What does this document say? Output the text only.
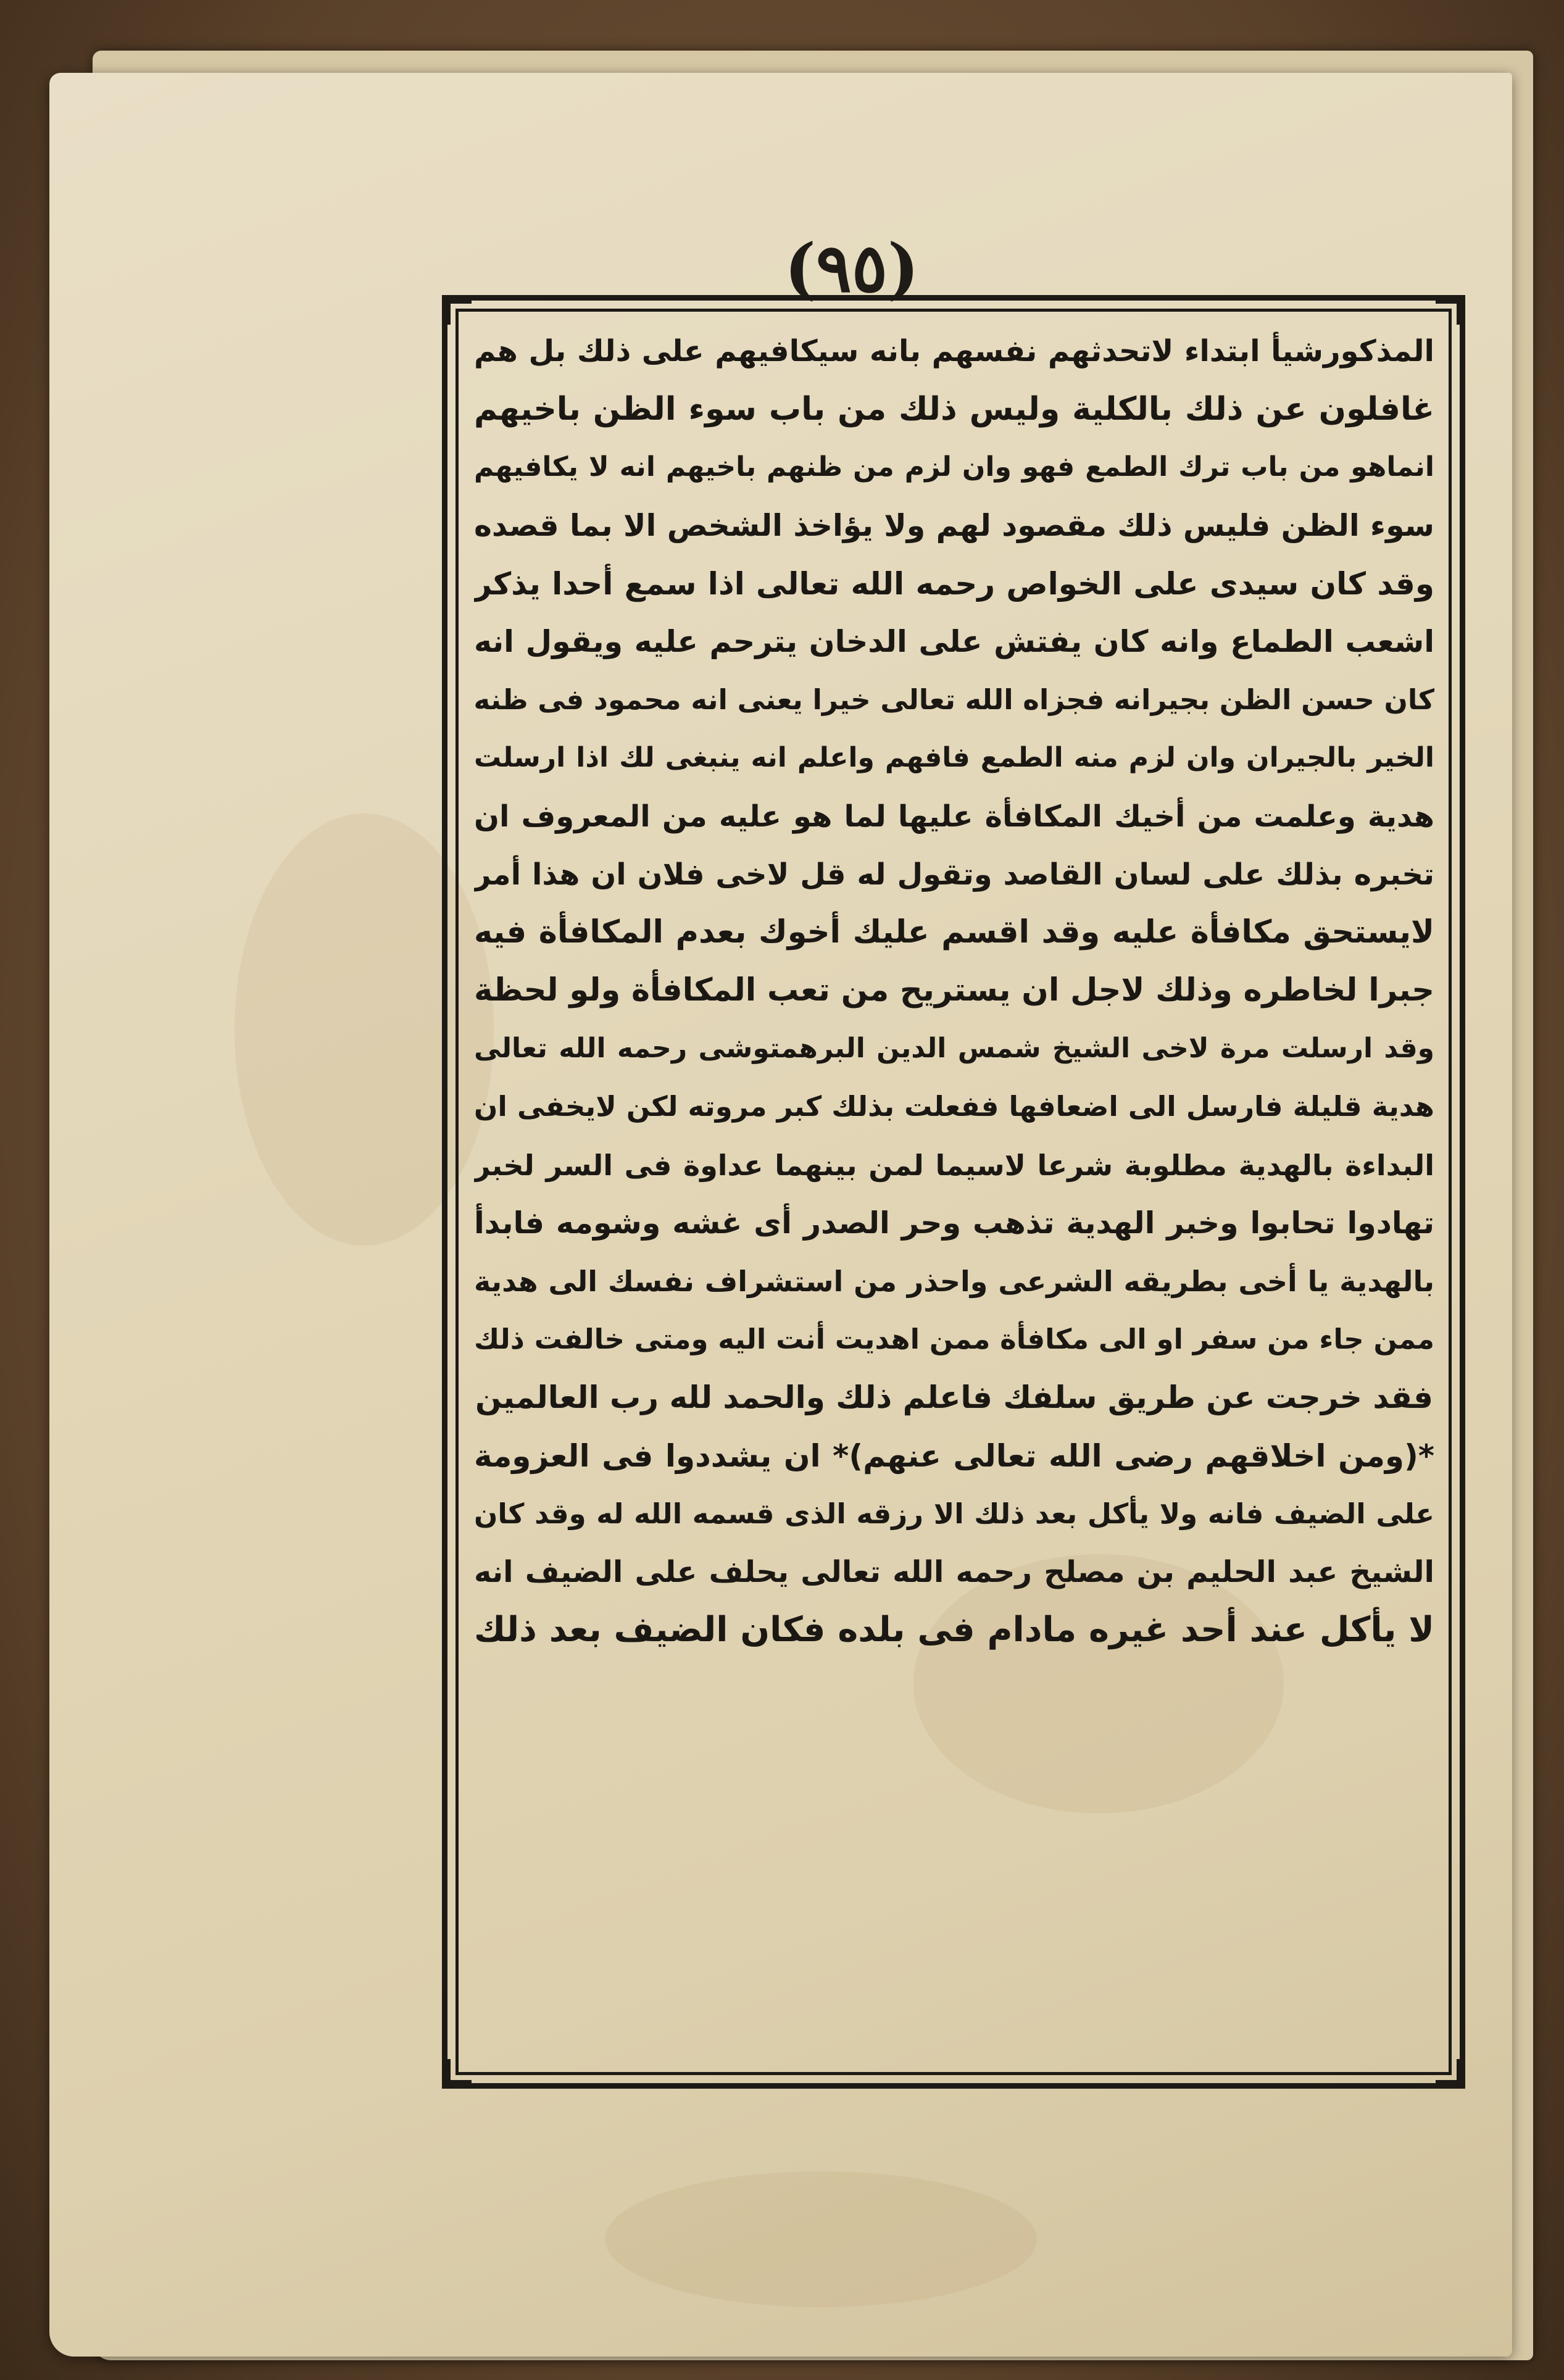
(٩٥)
المذكورشيأ ابتداء لاتحدثهم نفسهم بانه سيكافيهم على ذلك بل هم
غافلون عن ذلك بالكلية وليس ذلك من باب سوء الظن باخيهم
انماهو من باب ترك الطمع فهو وان لزم من ظنهم باخيهم انه لا يكافيهم
سوء الظن فليس ذلك مقصود لهم ولا يؤاخذ الشخص الا بما قصده
وقد كان سيدى على الخواص رحمه الله تعالى اذا سمع أحدا يذكر
اشعب الطماع وانه كان يفتش على الدخان يترحم عليه ويقول انه
كان حسن الظن بجيرانه فجزاه الله تعالى خيرا يعنى انه محمود فى ظنه
الخير بالجيران وان لزم منه الطمع فافهم واعلم انه ينبغى لك اذا ارسلت
هدية وعلمت من أخيك المكافأة عليها لما هو عليه من المعروف ان
تخبره بذلك على لسان القاصد وتقول له قل لاخى فلان ان هذا أمر
لايستحق مكافأة عليه وقد اقسم عليك أخوك بعدم المكافأة فيه
جبرا لخاطره وذلك لاجل ان يستريح من تعب المكافأة ولو لحظة
وقد ارسلت مرة لاخى الشيخ شمس الدين البرهمتوشى رحمه الله تعالى
هدية قليلة فارسل الى اضعافها ففعلت بذلك كبر مروته لكن لايخفى ان
البداءة بالهدية مطلوبة شرعا لاسيما لمن بينهما عداوة فى السر لخبر
تهادوا تحابوا وخبر الهدية تذهب وحر الصدر أى غشه وشومه فابدأ
بالهدية يا أخى بطريقه الشرعى واحذر من استشراف نفسك الى هدية
ممن جاء من سفر او الى مكافأة ممن اهديت أنت اليه ومتى خالفت ذلك
فقد خرجت عن طريق سلفك فاعلم ذلك والحمد لله رب العالمين
*(ومن اخلاقهم رضى الله تعالى عنهم)* ان يشددوا فى العزومة
على الضيف فانه ولا يأكل بعد ذلك الا رزقه الذى قسمه الله له وقد كان
الشيخ عبد الحليم بن مصلح رحمه الله تعالى يحلف على الضيف انه
لا يأكل عند أحد غيره مادام فى بلده فكان الضيف بعد ذلك
